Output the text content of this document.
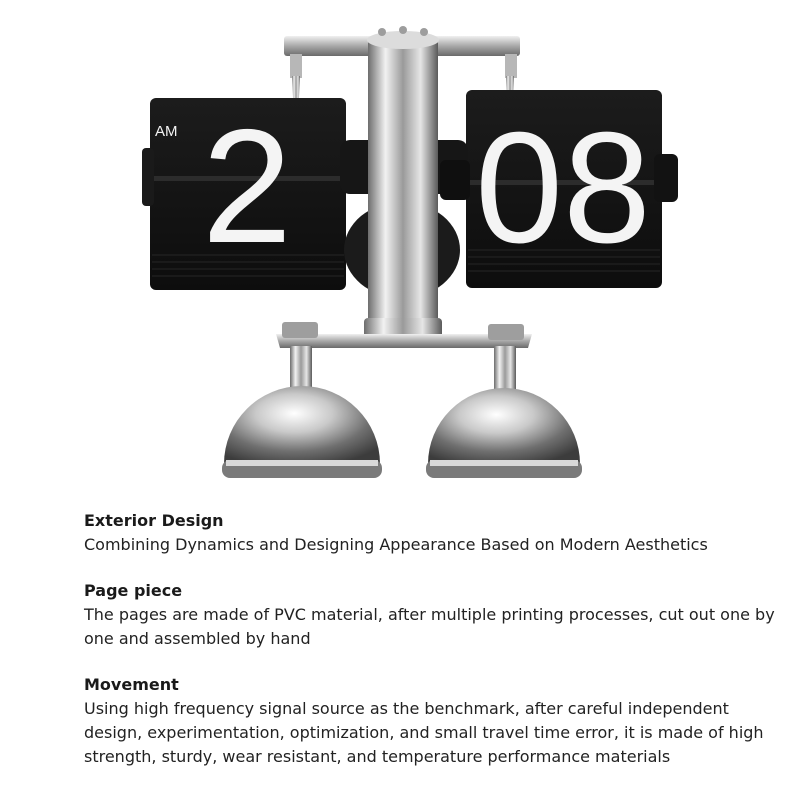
AM 2 08
Exterior Design
Combining Dynamics and Designing Appearance Based on Modern Aesthetics
Page piece
The pages are made of PVC material, after multiple printing processes, cut out one by one and assembled by hand
Movement
Using high frequency signal source as the benchmark, after careful independent design, experimentation, optimization, and small travel time error, it is made of high strength, sturdy, wear resistant, and temperature performance materials
